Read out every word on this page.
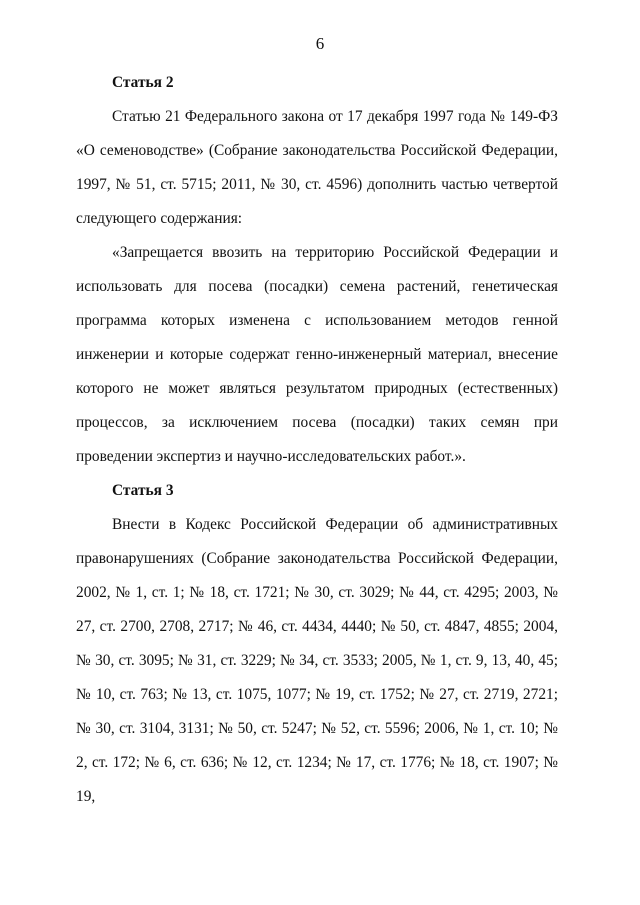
6

Статья 2

Статью 21 Федерального закона от 17 декабря 1997 года № 149-ФЗ «О семеноводстве» (Собрание законодательства Российской Федерации, 1997, № 51, ст. 5715; 2011, № 30, ст. 4596) дополнить частью четвертой следующего содержания:

«Запрещается ввозить на территорию Российской Федерации и использовать для посева (посадки) семена растений, генетическая программа которых изменена с использованием методов генной инженерии и которые содержат генно-инженерный материал, внесение которого не может являться результатом природных (естественных) процессов, за исключением посева (посадки) таких семян при проведении экспертиз и научно-исследовательских работ.».

Статья 3

Внести в Кодекс Российской Федерации об административных правонарушениях (Собрание законодательства Российской Федерации, 2002, № 1, ст. 1; № 18, ст. 1721; № 30, ст. 3029; № 44, ст. 4295; 2003, № 27, ст. 2700, 2708, 2717; № 46, ст. 4434, 4440; № 50, ст. 4847, 4855; 2004, № 30, ст. 3095; № 31, ст. 3229; № 34, ст. 3533; 2005, № 1, ст. 9, 13, 40, 45; № 10, ст. 763; № 13, ст. 1075, 1077; № 19, ст. 1752; № 27, ст. 2719, 2721; № 30, ст. 3104, 3131; № 50, ст. 5247; № 52, ст. 5596; 2006, № 1, ст. 10; № 2, ст. 172; № 6, ст. 636; № 12, ст. 1234; № 17, ст. 1776; № 18, ст. 1907; № 19,
